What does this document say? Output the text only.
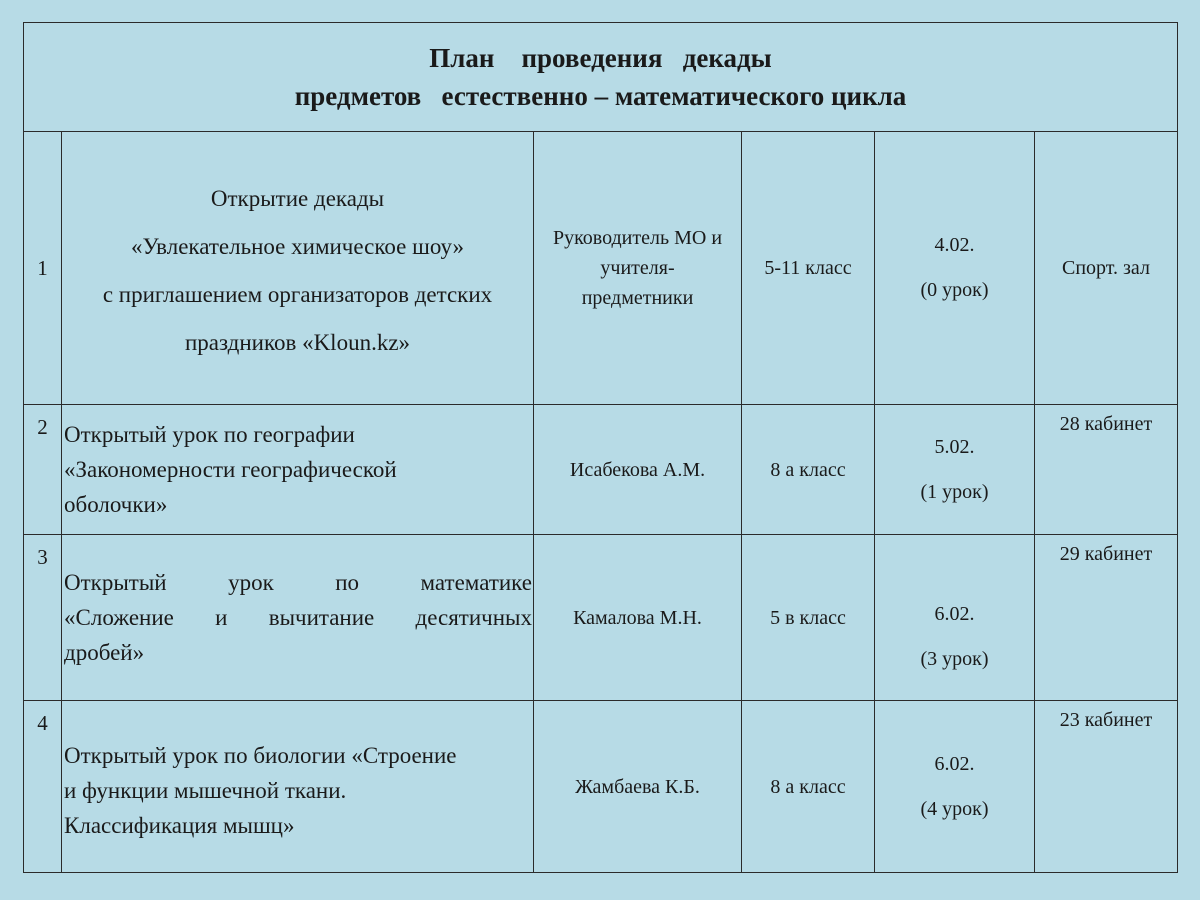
План    проведения   декады
предметов   естественно – математического цикла					

1	Открытие декады
«Увлекательное химическое шоу»
с приглашением организаторов детских
праздников «Kloun.kz»	Руководитель МО и
учителя-
предметники	5-11 класс	4.02.
(0 урок)	Спорт. зал
2	Открытый урок по географии
«Закономерности географической
оболочки»	Исабекова А.М.	8 а класс	5.02.
(1 урок)	28 кабинет
3	Открытый урок по математике
«Сложение и вычитание десятичных
дробей»	Камалова М.Н.	5 в класс	6.02.
(3 урок)	29 кабинет
4	Открытый урок по биологии «Строение
и функции мышечной ткани.
Классификация мышц»	Жамбаева К.Б.	8 а класс	6.02.
(4 урок)	23 кабинет
